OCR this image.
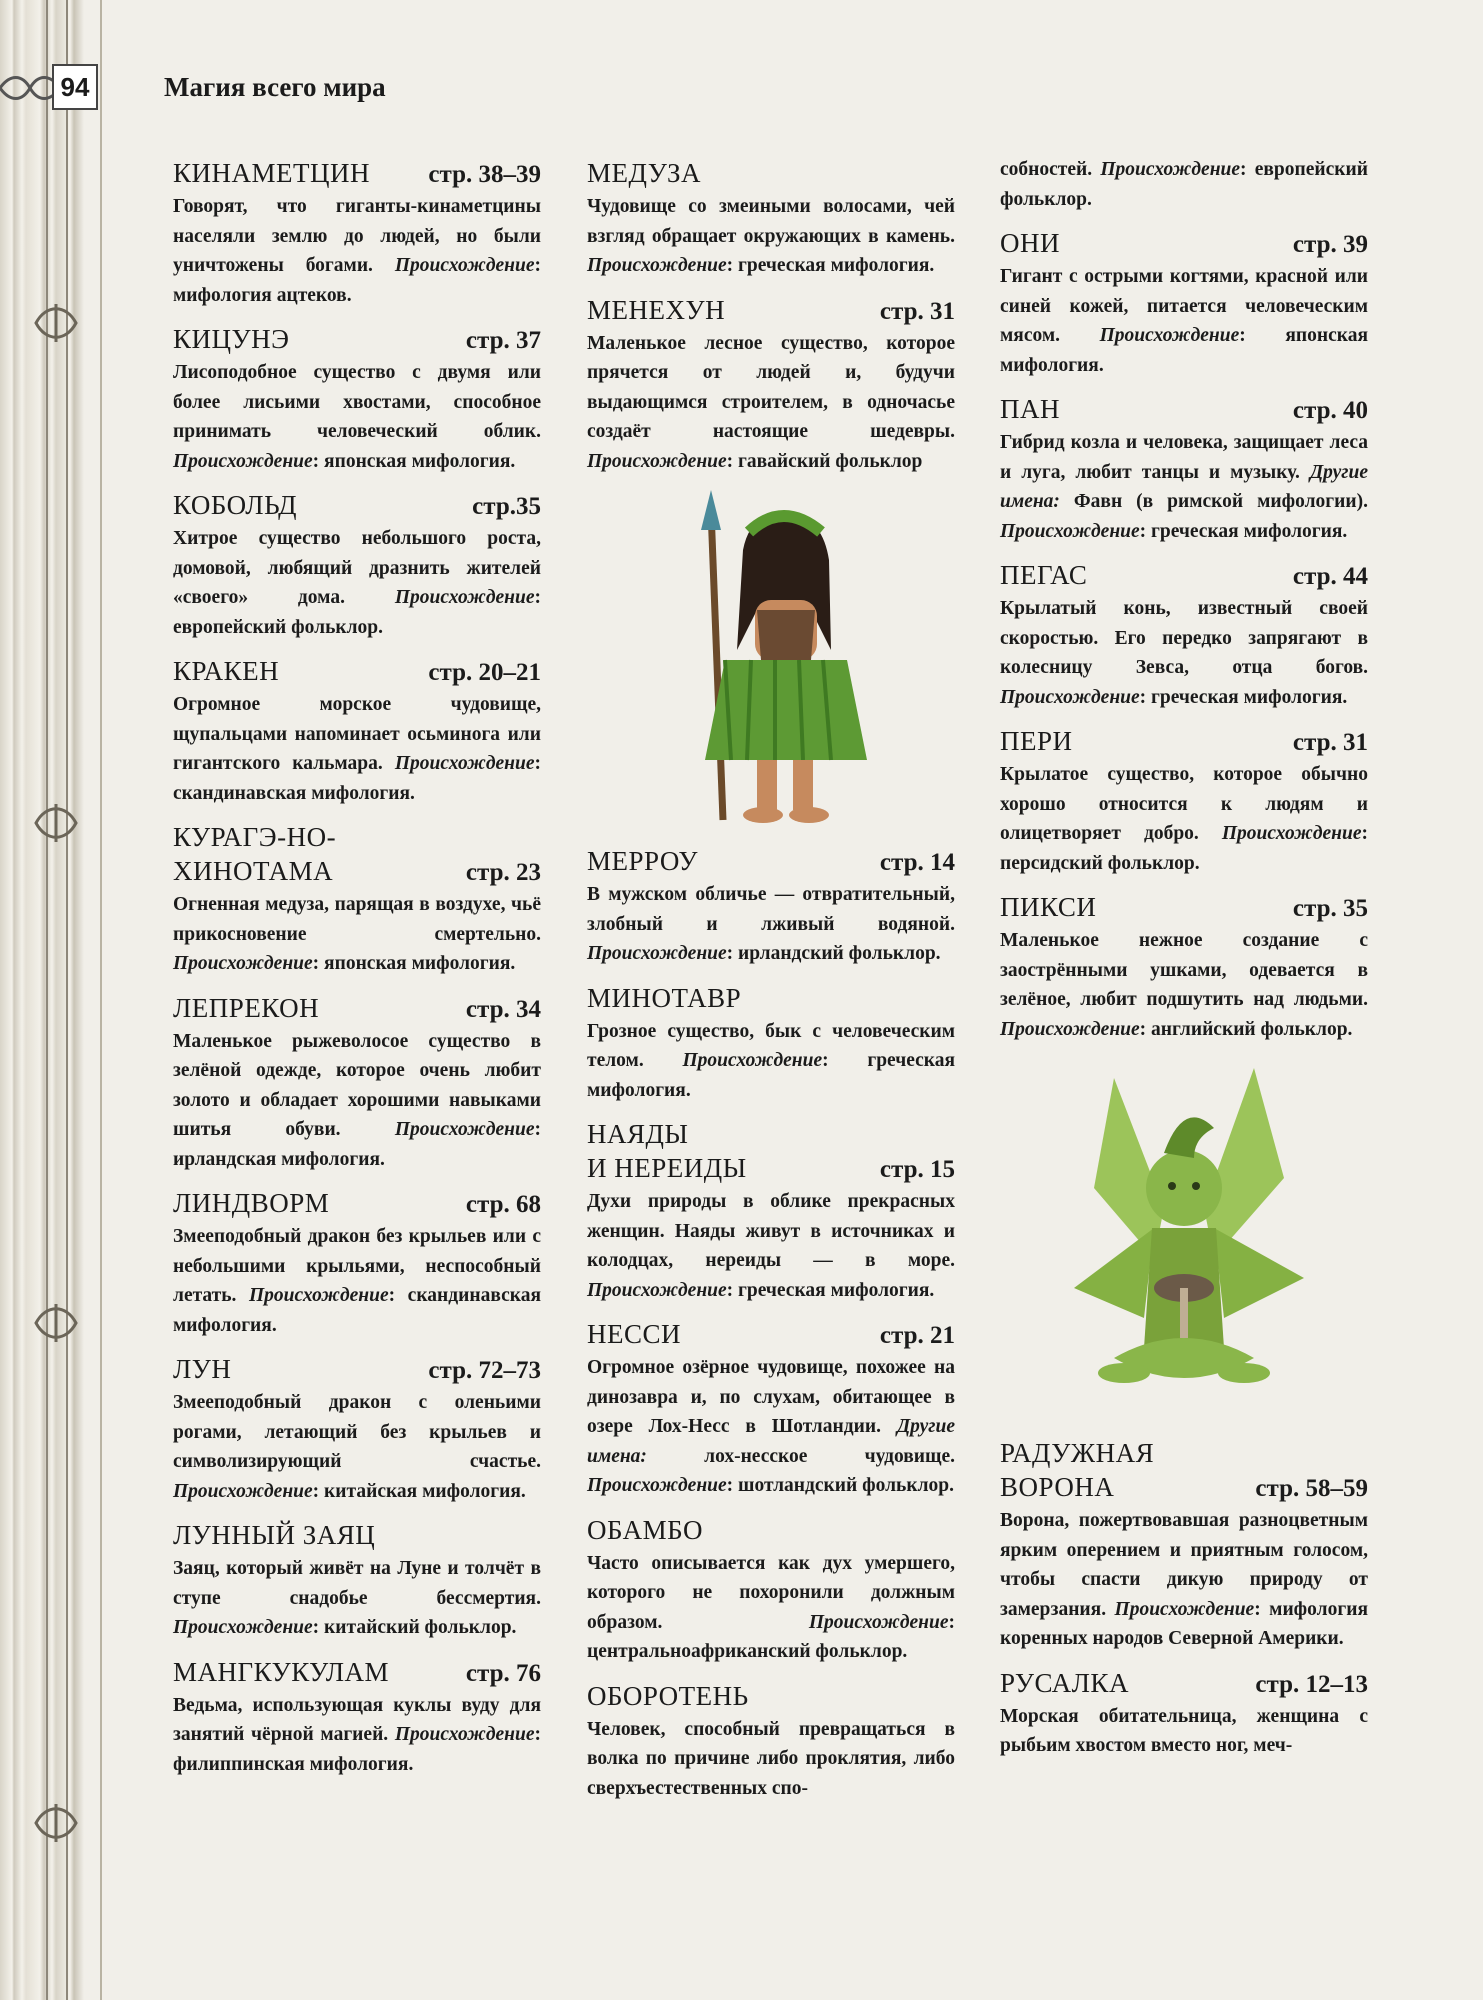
94	Магия всего мира
КИНАМЕТЦИН стр. 38–39

Говорят, что гиганты-кинаметцины населяли землю до людей, но были уничтожены богами. Происхождение: мифология ацтеков.

КИЦУНЭ	стр. 37

Лисоподобное существо с двумя или более лисьими хвостами, способное принимать человеческий облик. Происхождение: японская мифология.

КОБОЛЬД	стр.35

Хитрое существо небольшого роста, домовой, любящий дразнить жителей «своего» дома.	Происхождение: европейский фольклор.

КРАКЕН	стр. 20–21

Огромное морское чудовище, щупальцами напоминает осьминога или гигантского кальмара. Происхождение: скандинавская мифология.

КУРАГЭ-НО-
ХИНОТАМА	стр. 23

Огненная медуза, парящая в воздухе, чьё прикосновение смертельно. Происхождение: японская мифология.

ЛЕПРЕКОН	стр. 34

Маленькое рыжеволосое существо в зелёной одежде, которое очень любит золото и обладает хорошими навыками шитья обуви.	Происхождение: ирландская мифология.

ЛИНДВОРМ	стр. 68

Змееподобный дракон без крыльев или с небольшими крыльями, неспособный летать. Происхождение: скандинавская мифология.

ЛУН	стр. 72–73

Змееподобный дракон с оленьими рогами, летающий без крыльев и символизирующий счастье. Происхождение: китайская мифология.

ЛУННЫЙ ЗАЯЦ

Заяц, который живёт на Луне и толчёт в ступе снадобье бессмертия. Происхождение: китайский фольклор.

МАНГКУКУЛАМ	стр. 76

Ведьма, использующая куклы вуду для занятий чёрной магией. Происхождение: филиппинская мифология.

МЕДУЗА

Чудовище со змеиными волосами, чей взгляд обращает окружающих в камень. Происхождение: греческая мифология.

МЕНЕХУН	стр. 31

Маленькое лесное существо, которое прячется от людей и, будучи выдающимся строителем, в одночасье создаёт настоящие шедевры. Происхождение: гавайский фольклор

МЕРРОУ	стр. 14

В мужском обличье — отвратительный, злобный и лживый водяной. Происхождение: ирландский фольклор.

МИНОТАВР

Грозное существо, бык с человеческим телом. Происхождение: греческая мифология.

НАЯДЫ
И НЕРЕИДЫ	стр. 15

Духи природы в облике прекрасных женщин. Наяды живут в источниках и колодцах, нереиды — в море. Происхождение: греческая мифология.

НЕССИ	стр. 21

Огромное озёрное чудовище, похожее на динозавра и, по слухам, обитающее в озере Лох-Несс в Шотландии. Другие имена:	лох-несское чудовище. Происхождение: шотландский фольклор.

ОБАМБО

Часто описывается как дух умершего, которого не похоронили должным образом.	Происхождение: центральноафриканский фольклор.

ОБОРОТЕНЬ

Человек, способный превращаться в волка по причине либо проклятия, либо сверхъестественных спо-

собностей. Происхождение: европейский фольклор.

ОНИ	стр. 39

Гигант с острыми когтями, красной или синей кожей, питается человеческим мясом. Происхождение: японская мифология.

ПАН	стр. 40

Гибрид козла и человека, защищает леса и луга, любит танцы и музыку. Другие имена: Фавн (в римской мифологии). Происхождение: греческая мифология.

ПЕГАС	стр. 44

Крылатый конь, известный своей скоростью. Его передко запрягают в колесницу Зевса, отца богов. Происхождение: греческая мифология.

ПЕРИ	стр. 31

Крылатое существо, которое обычно хорошо относится к людям и олицетворяет добро. Происхождение: персидский фольклор.

ПИКСИ	стр. 35

Маленькое нежное создание с заострёнными ушками, одевается в зелёное, любит подшутить над людьми. Происхождение: английский фольклор.

РАДУЖНАЯ
ВОРОНА	стр. 58–59

Ворона, пожертвовавшая разноцветным ярким оперением и приятным голосом, чтобы спасти дикую природу от замерзания. Происхождение: мифология коренных народов Северной Америки.

РУСАЛКА	стр. 12–13

Морская обитательница, женщина с рыбьим хвостом вместо ног, меч-
